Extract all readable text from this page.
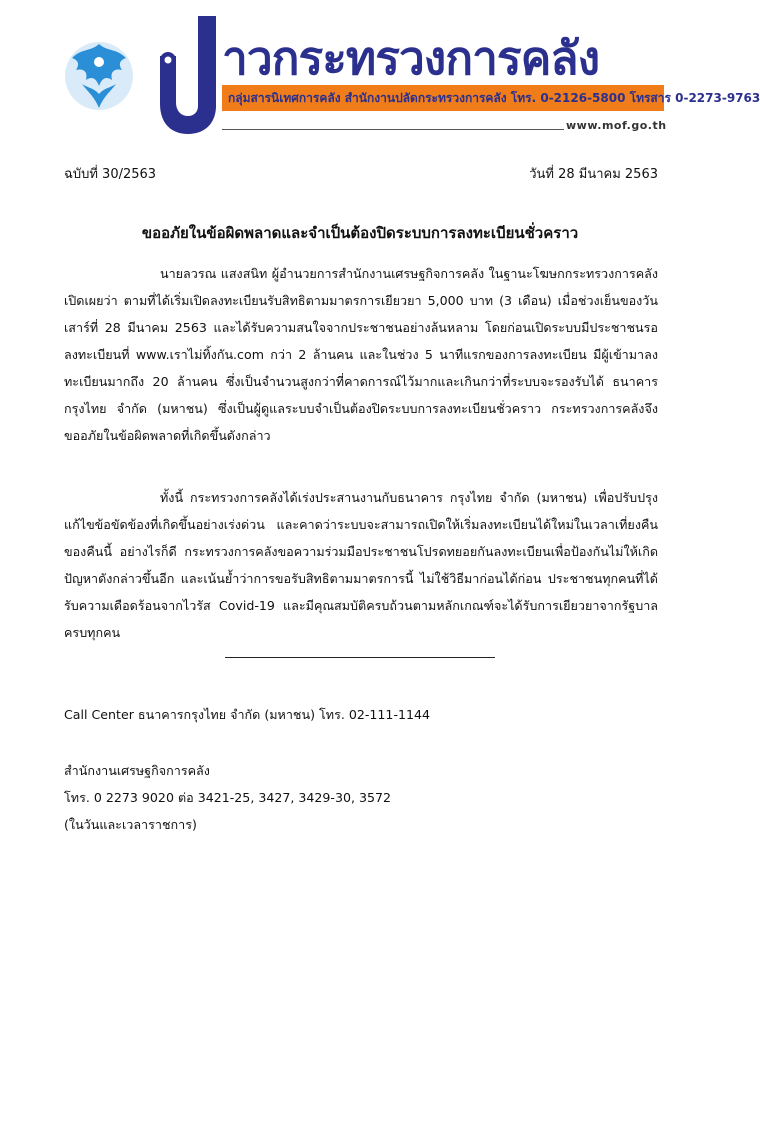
าวกระทรวงการคลัง
กลุ่มสารนิเทศการคลัง สำนักงานปลัดกระทรวงการคลัง โทร. 0-2126-5800 โทรสาร 0-2273-9763
www.mof.go.th
ฉบับที่ 30/2563	วันที่ 28 มีนาคม 2563
ขออภัยในข้อผิดพลาดและจำเป็นต้องปิดระบบการลงทะเบียนชั่วคราว

นายลวรณ แสงสนิท ผู้อำนวยการสำนักงานเศรษฐกิจการคลัง ในฐานะโฆษกกระทรวงการคลัง เปิดเผยว่า ตามที่ได้เริ่มเปิดลงทะเบียนรับสิทธิตามมาตรการเยียวยา 5,000 บาท (3 เดือน) เมื่อช่วงเย็นของวันเสาร์ที่ 28 มีนาคม 2563 และได้รับความสนใจจากประชาชนอย่างล้นหลาม โดยก่อนเปิดระบบมีประชาชนรอลงทะเบียนที่ www.เราไม่ทิ้งกัน.com กว่า 2 ล้านคน และในช่วง 5 นาทีแรกของการลงทะเบียน มีผู้เข้ามาลงทะเบียนมากถึง 20 ล้านคน ซึ่งเป็นจำนวนสูงกว่าที่คาดการณ์ไว้มากและเกินกว่าที่ระบบจะรองรับได้ ธนาคาร กรุงไทย จำกัด (มหาชน) ซึ่งเป็นผู้ดูแลระบบจำเป็นต้องปิดระบบการลงทะเบียนชั่วคราว กระทรวงการคลังจึงขออภัยในข้อผิดพลาดที่เกิดขึ้นดังกล่าว

ทั้งนี้ กระทรวงการคลังได้เร่งประสานงานกับธนาคาร กรุงไทย จำกัด (มหาชน) เพื่อปรับปรุงแก้ไขข้อขัดข้องที่เกิดขึ้นอย่างเร่งด่วน และคาดว่าระบบจะสามารถเปิดให้เริ่มลงทะเบียนได้ใหม่ในเวลาเที่ยงคืนของคืนนี้ อย่างไรก็ดี กระทรวงการคลังขอความร่วมมือประชาชนโปรดทยอยกันลงทะเบียนเพื่อป้องกันไม่ให้เกิดปัญหาดังกล่าวขึ้นอีก และเน้นย้ำว่าการขอรับสิทธิตามมาตรการนี้ ไม่ใช้วิธีมาก่อนได้ก่อน ประชาชนทุกคนที่ได้รับความเดือดร้อนจากไวรัส Covid-19 และมีคุณสมบัติครบถ้วนตามหลักเกณฑ์จะได้รับการเยียวยาจากรัฐบาลครบทุกคน

Call Center ธนาคารกรุงไทย จำกัด (มหาชน) โทร. 02-111-1144
สำนักงานเศรษฐกิจการคลัง
โทร. 0 2273 9020 ต่อ 3421-25, 3427, 3429-30, 3572
(ในวันและเวลาราชการ)
